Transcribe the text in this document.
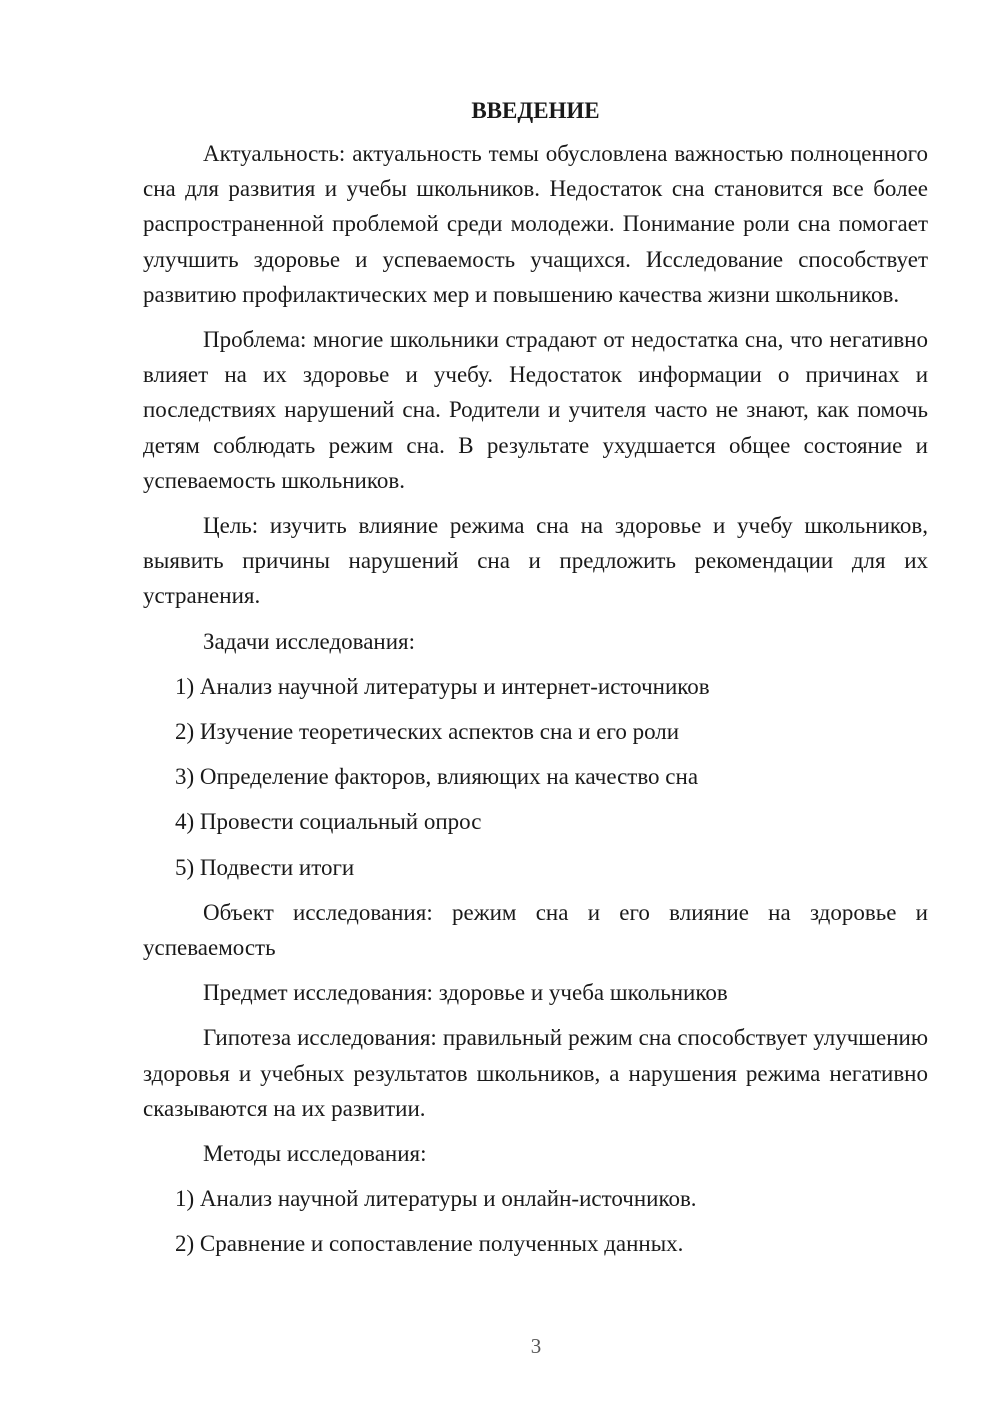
ВВЕДЕНИЕ
Актуальность: актуальность темы обусловлена важностью полноценного сна для развития и учебы школьников. Недостаток сна становится все более распространенной проблемой среди молодежи. Понимание роли сна помогает улучшить здоровье и успеваемость учащихся. Исследование способствует развитию профилактических мер и повышению качества жизни школьников.
Проблема: многие школьники страдают от недостатка сна, что негативно влияет на их здоровье и учебу. Недостаток информации о причинах и последствиях нарушений сна. Родители и учителя часто не знают, как помочь детям соблюдать режим сна. В результате ухудшается общее состояние и успеваемость школьников.
Цель: изучить влияние режима сна на здоровье и учебу школьников, выявить причины нарушений сна и предложить рекомендации для их устранения.
Задачи исследования:
1) Анализ научной литературы и интернет-источников
2) Изучение теоретических аспектов сна и его роли
3) Определение факторов, влияющих на качество сна
4) Провести социальный опрос
5) Подвести итоги
Объект исследования: режим сна и его влияние на здоровье и успеваемость
Предмет исследования: здоровье и учеба школьников
Гипотеза исследования: правильный режим сна способствует улучшению здоровья и учебных результатов школьников, а нарушения режима негативно сказываются на их развитии.
Методы исследования:
1) Анализ научной литературы и онлайн-источников.
2) Сравнение и сопоставление полученных данных.
3
